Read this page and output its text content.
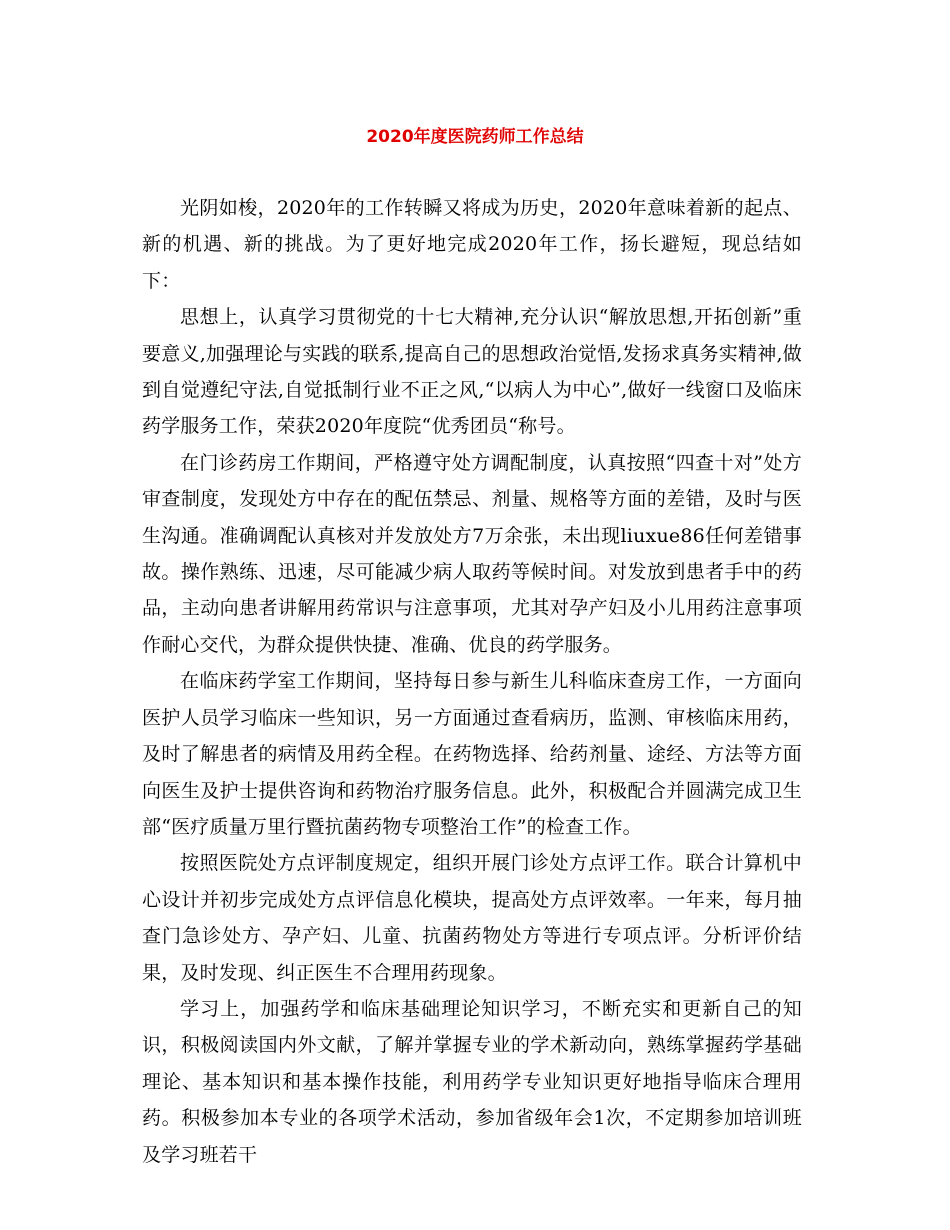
2020年度医院药师工作总结

光阴如梭，2020年的工作转瞬又将成为历史，2020年意味着新的起点、新的机遇、新的挑战。为了更好地完成2020年工作，扬长避短，现总结如下：

思想上，认真学习贯彻党的十七大精神,充分认识“解放思想,开拓创新”重要意义,加强理论与实践的联系,提高自己的思想政治觉悟,发扬求真务实精神,做到自觉遵纪守法,自觉抵制行业不正之风,“以病人为中心”,做好一线窗口及临床药学服务工作，荣获2020年度院“优秀团员“称号。

在门诊药房工作期间，严格遵守处方调配制度，认真按照“四查十对”处方审查制度，发现处方中存在的配伍禁忌、剂量、规格等方面的差错，及时与医生沟通。准确调配认真核对并发放处方7万余张，未出现liuxue86任何差错事故。操作熟练、迅速，尽可能减少病人取药等候时间。对发放到患者手中的药品，主动向患者讲解用药常识与注意事项，尤其对孕产妇及小儿用药注意事项作耐心交代，为群众提供快捷、准确、优良的药学服务。

在临床药学室工作期间，坚持每日参与新生儿科临床查房工作，一方面向医护人员学习临床一些知识，另一方面通过查看病历，监测、审核临床用药，及时了解患者的病情及用药全程。在药物选择、给药剂量、途经、方法等方面向医生及护士提供咨询和药物治疗服务信息。此外，积极配合并圆满完成卫生部“医疗质量万里行暨抗菌药物专项整治工作”的检查工作。

按照医院处方点评制度规定，组织开展门诊处方点评工作。联合计算机中心设计并初步完成处方点评信息化模块，提高处方点评效率。一年来，每月抽查门急诊处方、孕产妇、儿童、抗菌药物处方等进行专项点评。分析评价结果，及时发现、纠正医生不合理用药现象。

学习上，加强药学和临床基础理论知识学习，不断充实和更新自己的知识，积极阅读国内外文献，了解并掌握专业的学术新动向，熟练掌握药学基础理论、基本知识和基本操作技能，利用药学专业知识更好地指导临床合理用药。积极参加本专业的各项学术活动，参加省级年会1次，不定期参加培训班及学习班若干
